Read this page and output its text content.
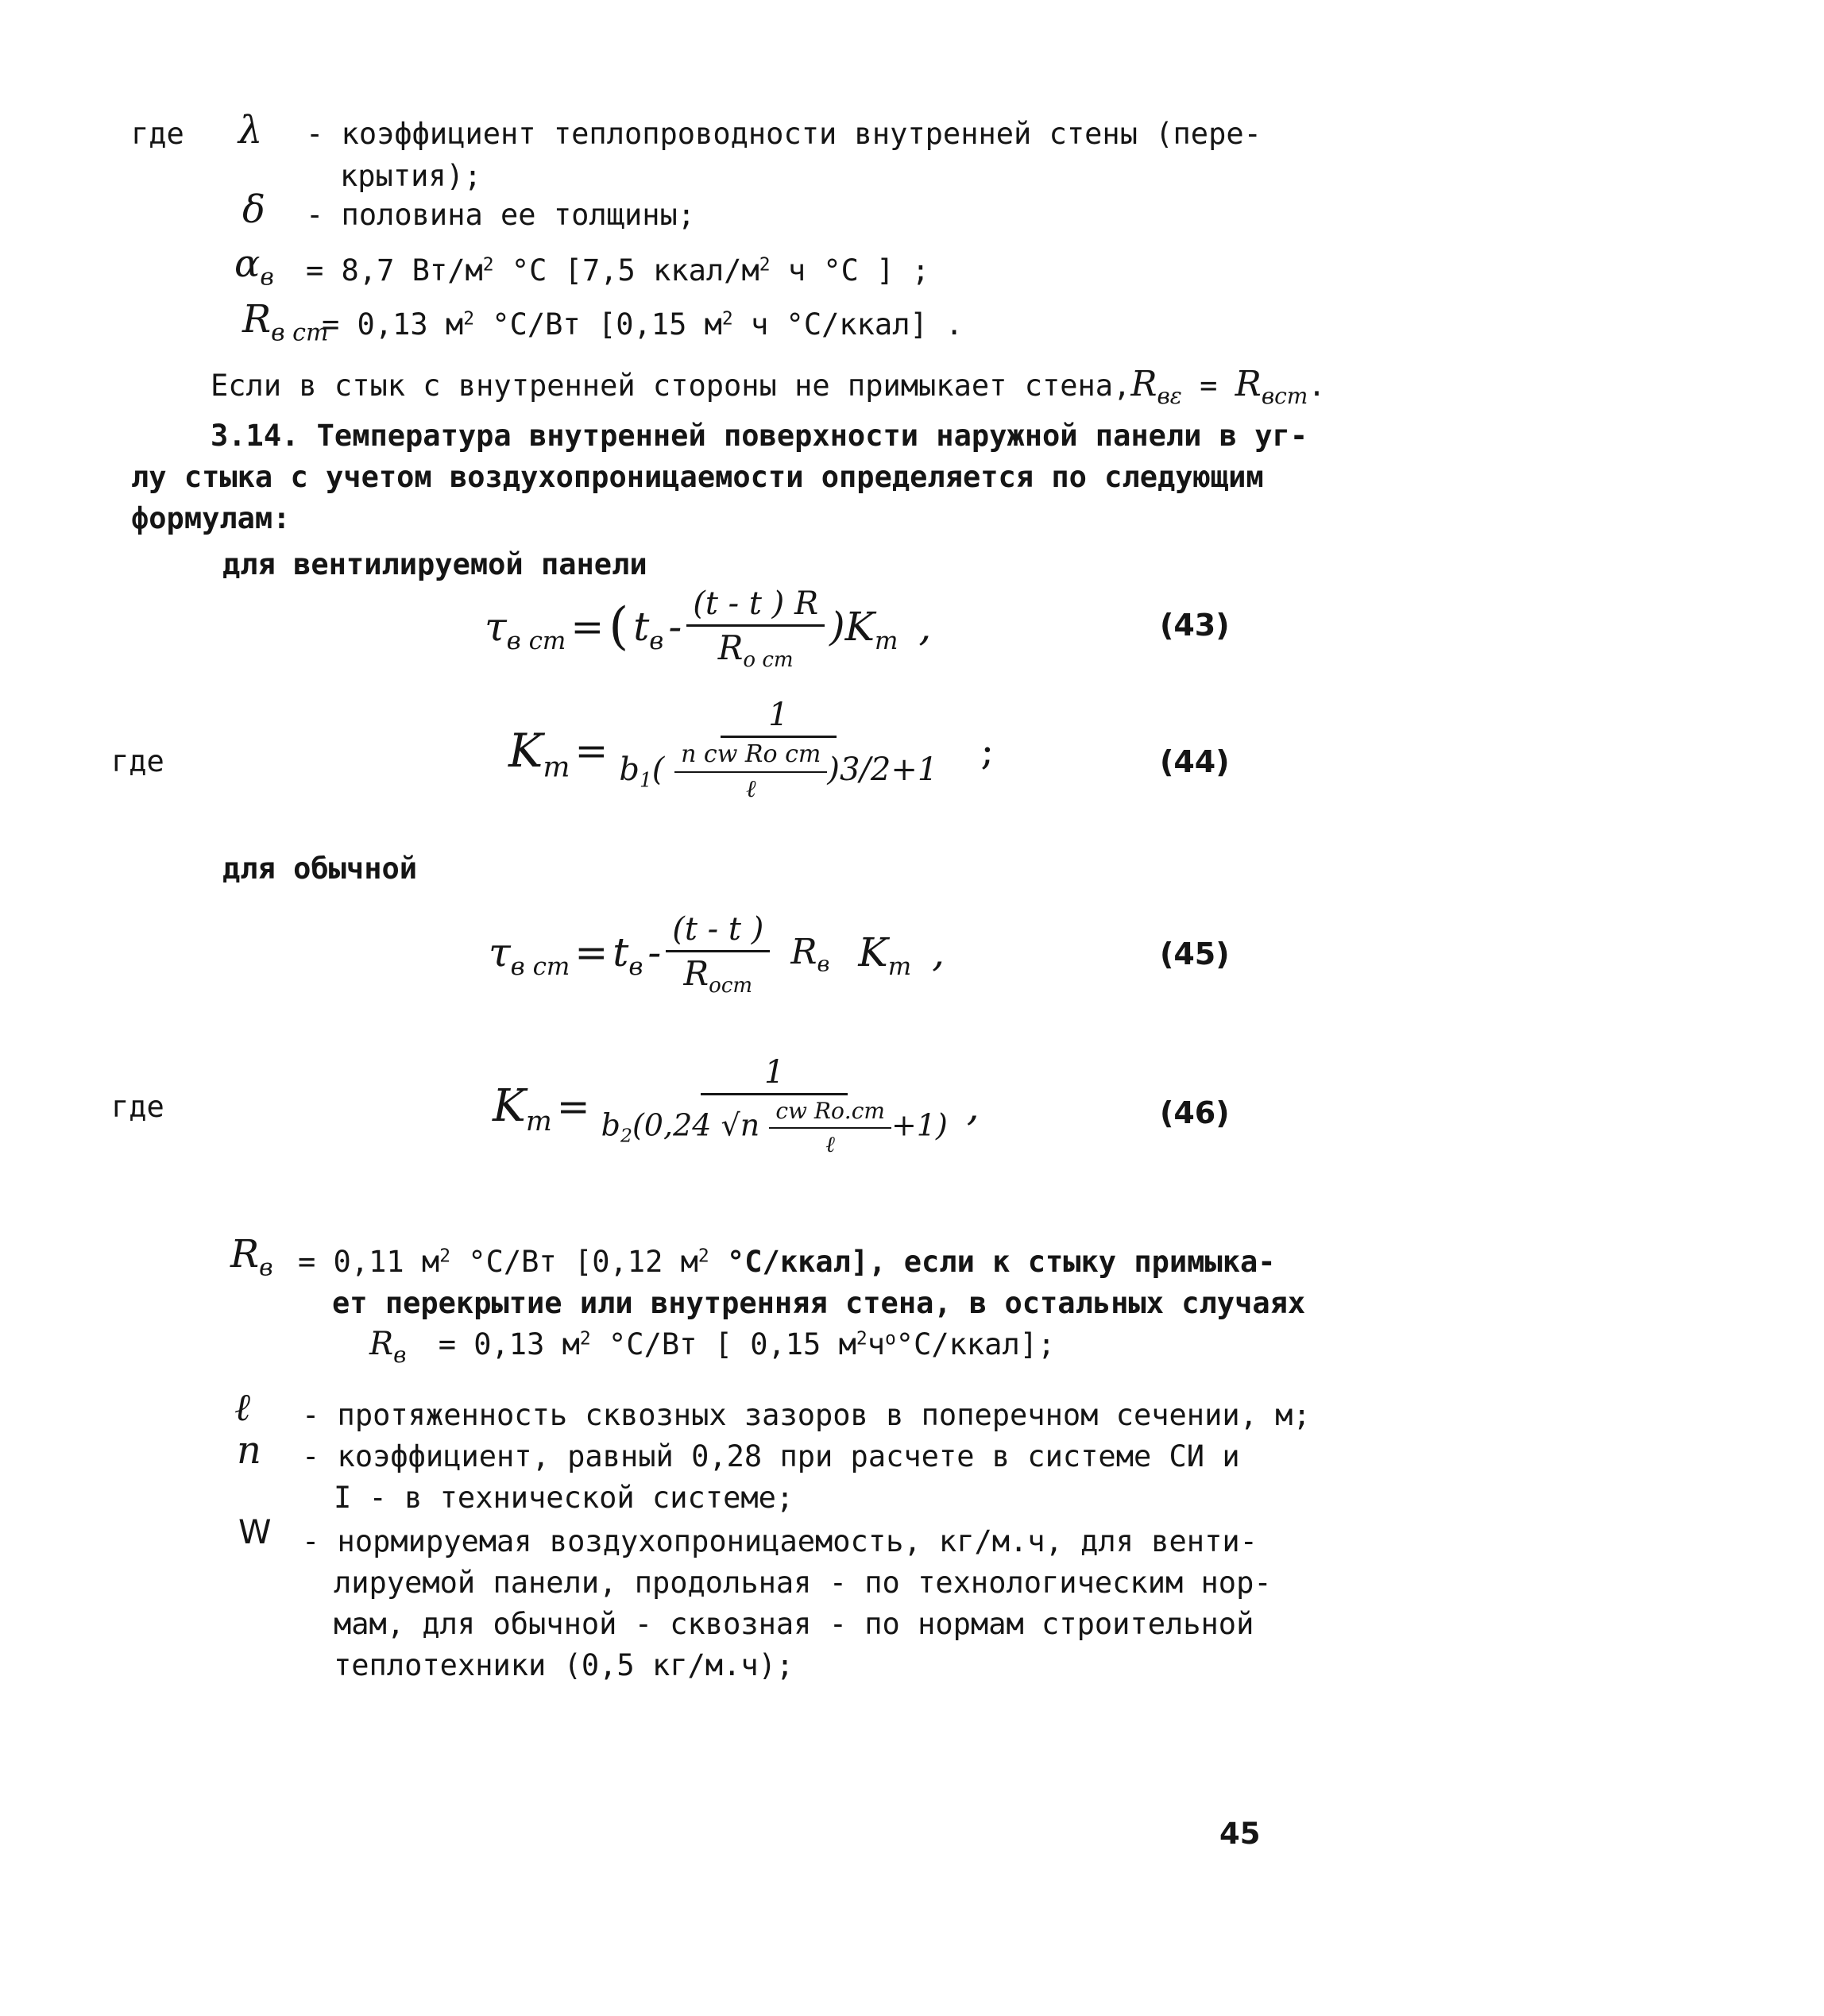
где λ - коэффициент теплопроводности внутренней стены (пере-
крытия);
δ - половина ее толщины;
$\alpha_в = 8,7$ $Вт/м^2$ °C [7,5 ккал/$м^2$ ч °C ] ;
$R_{в ст}$
= 0,13 $м^2$ °C/Вт [0,15 $м^2$ ч °C/ккал] .
Если в стык с внутренней стороны не примыкает $стена,R_{в\varepsilon} = R_{вст}$.
3.14. Температура внутренней поверхности наружной панели в уг-
лу стыка с учетом воздухопроницаемости определяется по следующим
формулам:
для вентилируемой панели
$\tau_{в ст}$ = ( $t_в - \frac{(t - t ) R}{R_{о ст}} )K_m$ ,	(43)
где	$K_m = \frac{1}{b_1( \frac{\text{n cw Ro ст}}{\text{ℓ}} )3/2+1}$ ;	(44)
для обычной
$\tau_{в ст} = t_в - \frac{(t - t )}{R_{ост}} R_в$ $K_m$ ,	(45)
где	$K_m$ =
1
$b_2(0,24$ $√n \frac{\text{cw Rо.ст}}{\text{ℓ}} +1$) ,	(46)
$R_в = 0,11$ $м^2$ °C/Вт [0,12 $м^2$ °C/ккал], если к стыку примыка-
ет перекрытие или внутренняя стена, в остальных случаях
$R_в = 0,13$ $м^2$ °C/Вт [ 0,15 $м^2ч^o^\circ C/ккал$];
ℓ - протяженность сквозных зазоров в поперечном сечении, м;
n - коэффициент, равный 0,28 при расчете в системе СИ и
I - в технической системе;
W - нормируемая воздухопроницаемость, кг/м.ч, для венти-
лируемой панели, продольная - по технологическим нор-
мам, для обычной - сквозная - по нормам строительной
теплотехники (0,5 кг/м.ч);
45
